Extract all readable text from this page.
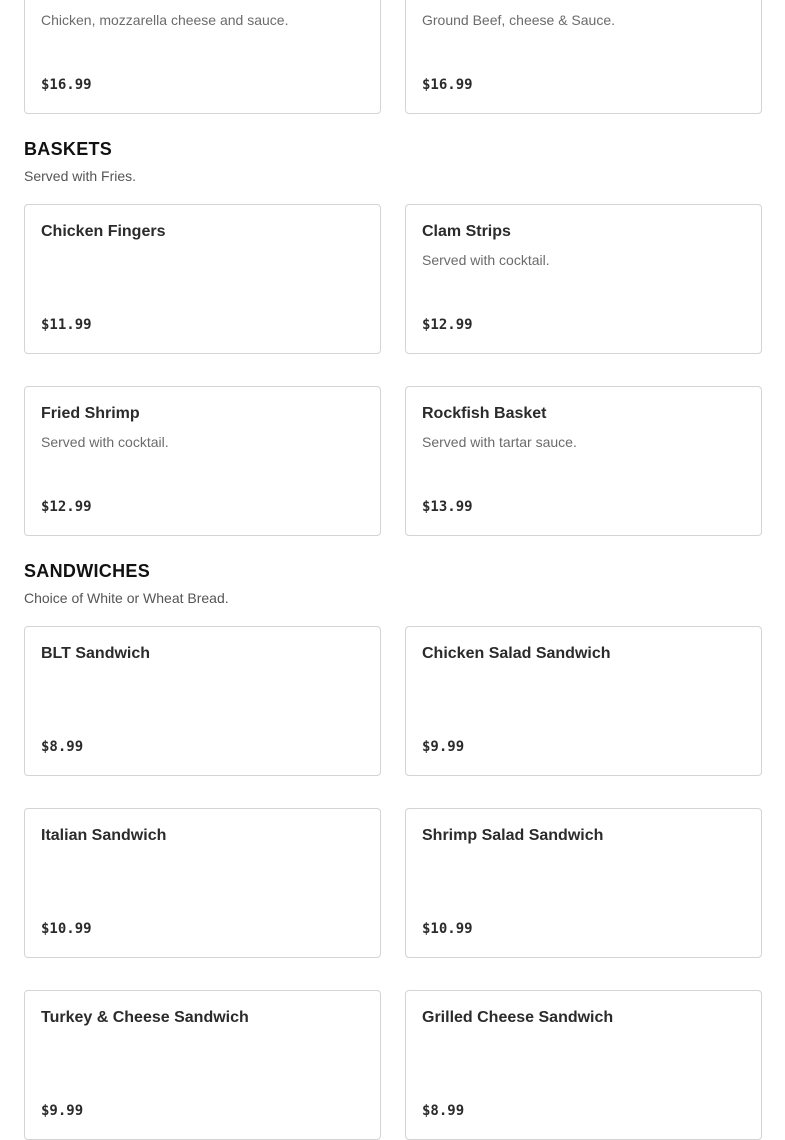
Chicken, mozzarella cheese and sauce.
$16.99
Ground Beef, cheese & Sauce.
$16.99
BASKETS
Served with Fries.
Chicken Fingers
$11.99
Clam Strips
Served with cocktail.
$12.99
Fried Shrimp
Served with cocktail.
$12.99
Rockfish Basket
Served with tartar sauce.
$13.99
SANDWICHES
Choice of White or Wheat Bread.
BLT Sandwich
$8.99
Chicken Salad Sandwich
$9.99
Italian Sandwich
$10.99
Shrimp Salad Sandwich
$10.99
Turkey & Cheese Sandwich
$9.99
Grilled Cheese Sandwich
$8.99
